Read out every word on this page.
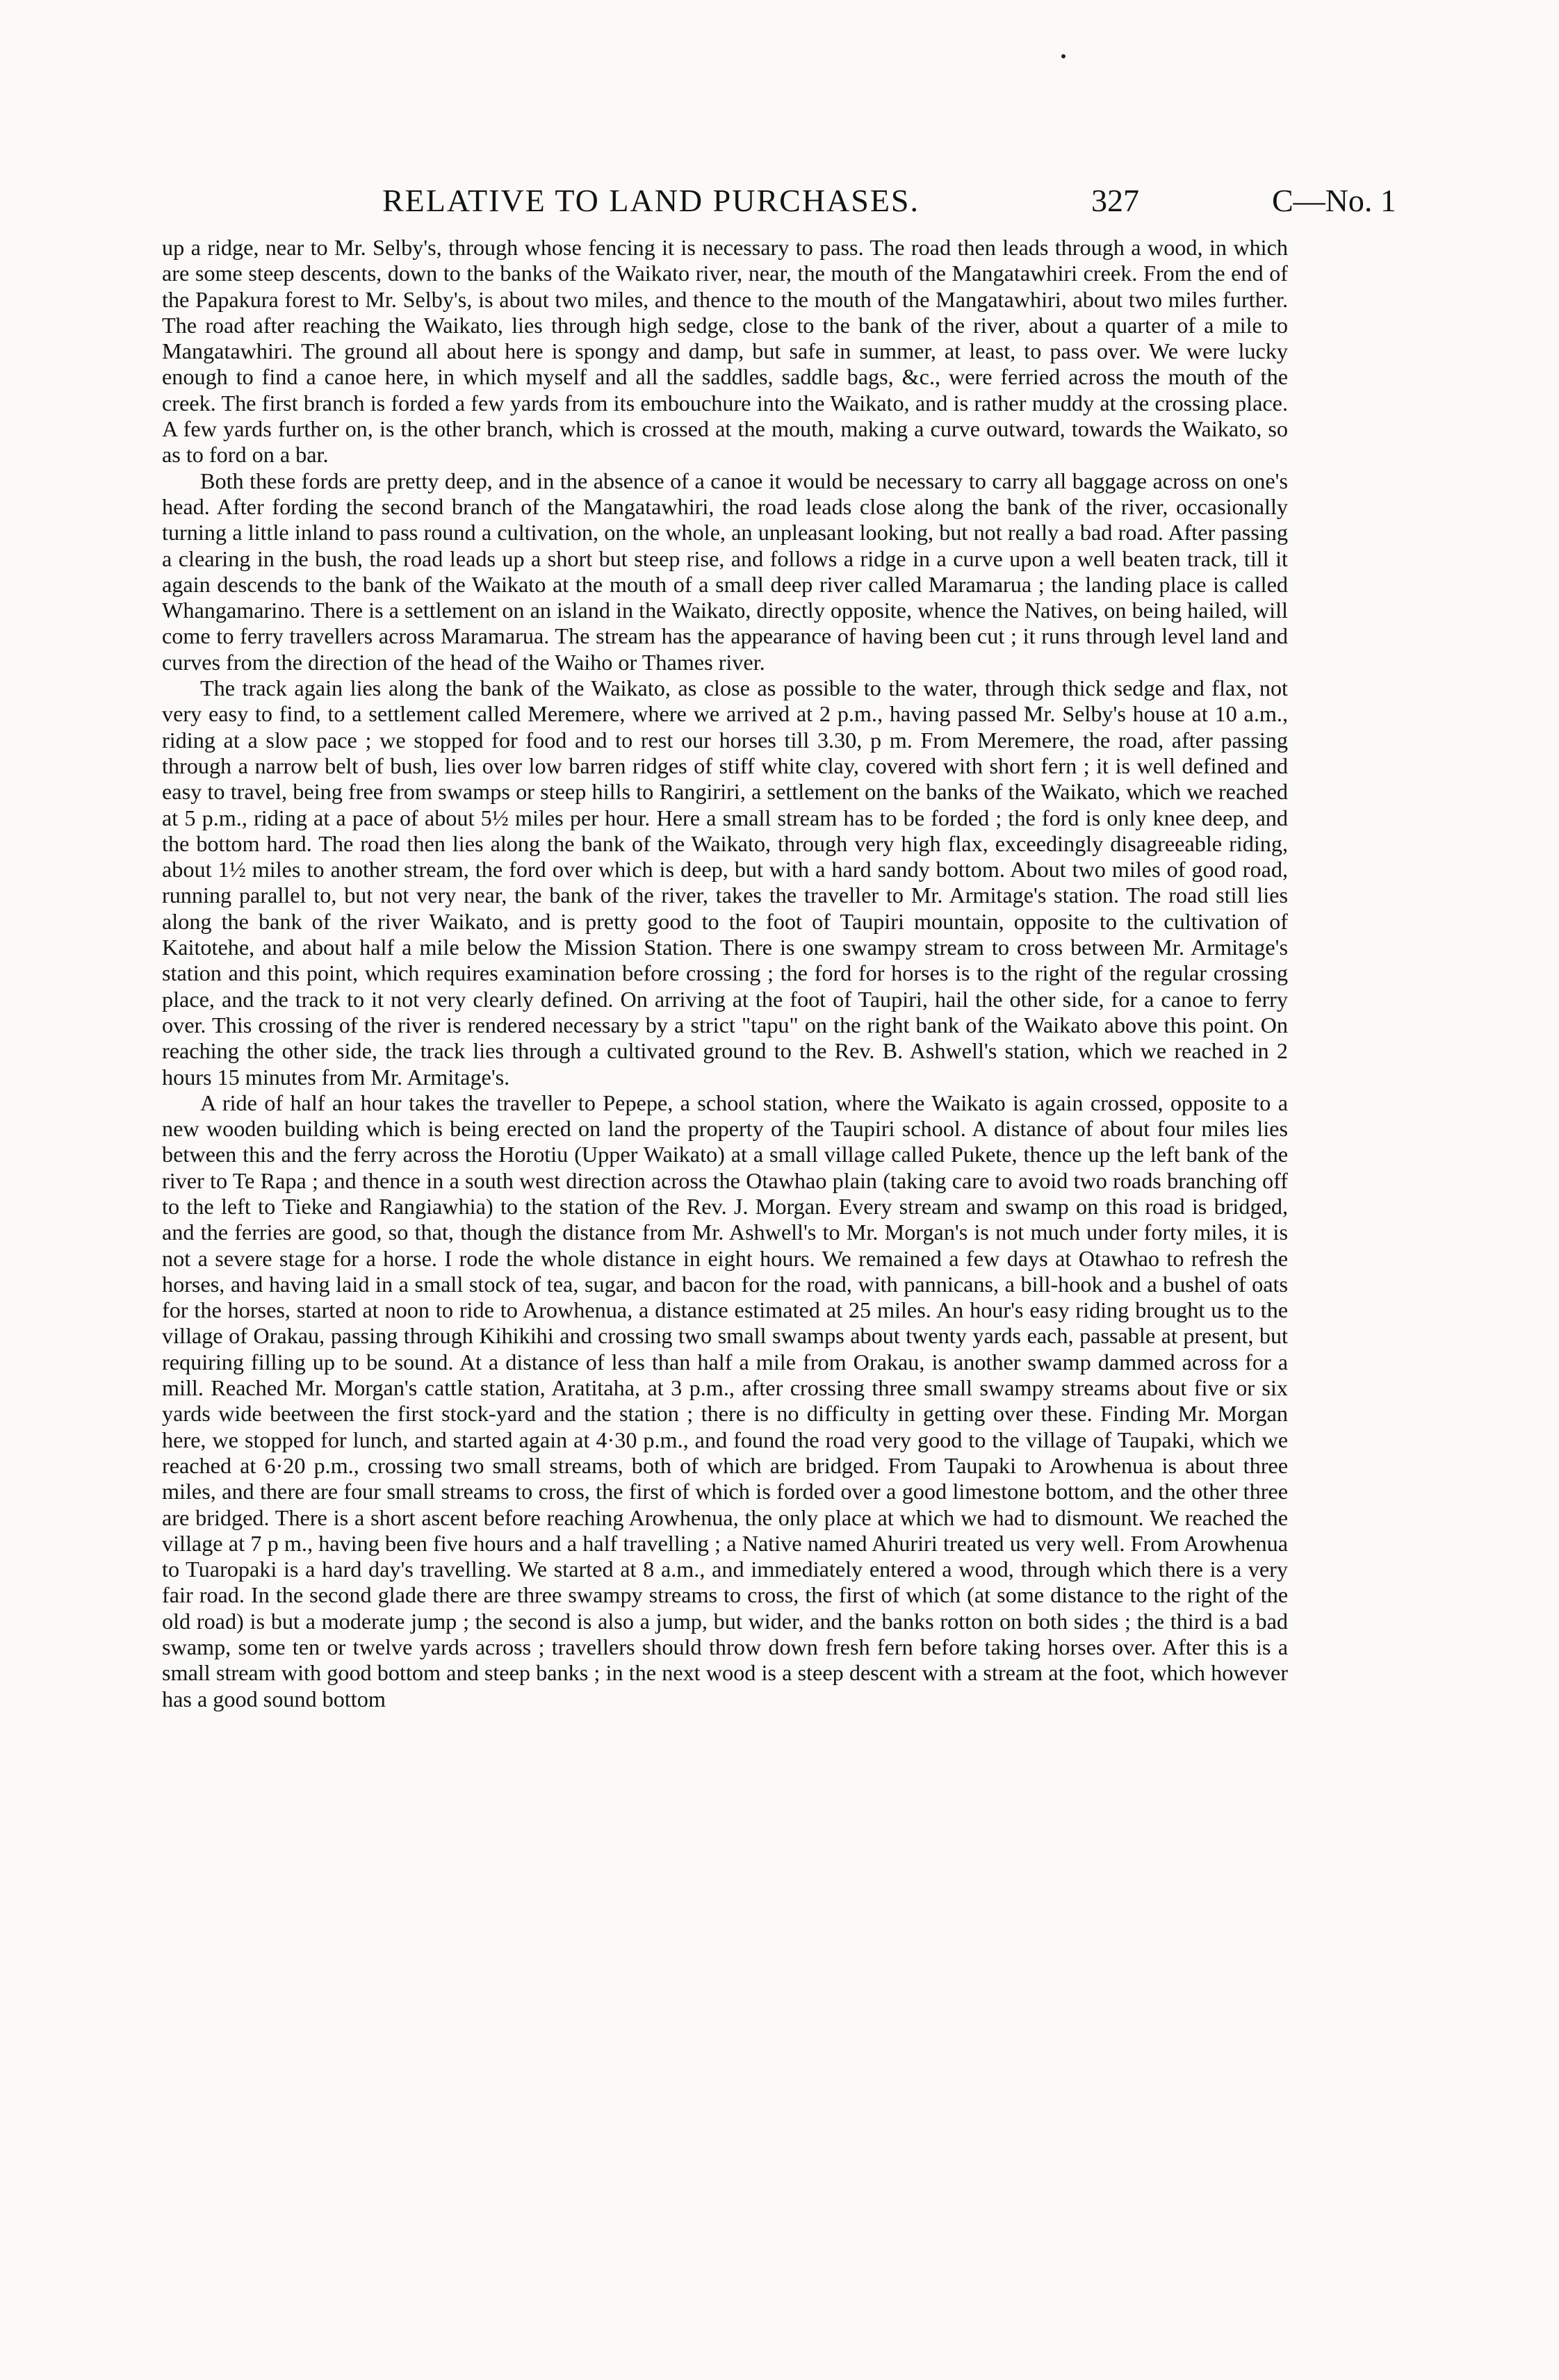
RELATIVE TO LAND PURCHASES.	327	C—No. 1

up a ridge, near to Mr. Selby's, through whose fencing it is necessary to pass. The road then leads through a wood, in which are some steep descents, down to the banks of the Waikato river, near, the mouth of the Mangatawhiri creek. From the end of the Papakura forest to Mr. Selby's, is about two miles, and thence to the mouth of the Mangatawhiri, about two miles further. The road after reaching the Waikato, lies through high sedge, close to the bank of the river, about a quarter of a mile to Mangatawhiri. The ground all about here is spongy and damp, but safe in summer, at least, to pass over. We were lucky enough to find a canoe here, in which myself and all the saddles, saddle bags, &c., were ferried across the mouth of the creek. The first branch is forded a few yards from its embouchure into the Waikato, and is rather muddy at the crossing place. A few yards further on, is the other branch, which is crossed at the mouth, making a curve outward, towards the Waikato, so as to ford on a bar.

Both these fords are pretty deep, and in the absence of a canoe it would be necessary to carry all baggage across on one's head. After fording the second branch of the Mangatawhiri, the road leads close along the bank of the river, occasionally turning a little inland to pass round a cultivation, on the whole, an unpleasant looking, but not really a bad road. After passing a clearing in the bush, the road leads up a short but steep rise, and follows a ridge in a curve upon a well beaten track, till it again descends to the bank of the Waikato at the mouth of a small deep river called Maramarua ; the landing place is called Whangamarino. There is a settlement on an island in the Waikato, directly opposite, whence the Natives, on being hailed, will come to ferry travellers across Maramarua. The stream has the appearance of having been cut ; it runs through level land and curves from the direction of the head of the Waiho or Thames river.

The track again lies along the bank of the Waikato, as close as possible to the water, through thick sedge and flax, not very easy to find, to a settlement called Meremere, where we arrived at 2 p.m., having passed Mr. Selby's house at 10 a.m., riding at a slow pace ; we stopped for food and to rest our horses till 3.30, p m. From Meremere, the road, after passing through a narrow belt of bush, lies over low barren ridges of stiff white clay, covered with short fern ; it is well defined and easy to travel, being free from swamps or steep hills to Rangiriri, a settlement on the banks of the Waikato, which we reached at 5 p.m., riding at a pace of about 5½ miles per hour. Here a small stream has to be forded ; the ford is only knee deep, and the bottom hard. The road then lies along the bank of the Waikato, through very high flax, exceedingly disagreeable riding, about 1½ miles to another stream, the ford over which is deep, but with a hard sandy bottom. About two miles of good road, running parallel to, but not very near, the bank of the river, takes the traveller to Mr. Armitage's station. The road still lies along the bank of the river Waikato, and is pretty good to the foot of Taupiri mountain, opposite to the cultivation of Kaitotehe, and about half a mile below the Mission Station. There is one swampy stream to cross between Mr. Armitage's station and this point, which requires examination before crossing ; the ford for horses is to the right of the regular crossing place, and the track to it not very clearly defined. On arriving at the foot of Taupiri, hail the other side, for a canoe to ferry over. This crossing of the river is rendered necessary by a strict "tapu" on the right bank of the Waikato above this point. On reaching the other side, the track lies through a cultivated ground to the Rev. B. Ashwell's station, which we reached in 2 hours 15 minutes from Mr. Armitage's.

A ride of half an hour takes the traveller to Pepepe, a school station, where the Waikato is again crossed, opposite to a new wooden building which is being erected on land the property of the Taupiri school. A distance of about four miles lies between this and the ferry across the Horotiu (Upper Waikato) at a small village called Pukete, thence up the left bank of the river to Te Rapa ; and thence in a south west direction across the Otawhao plain (taking care to avoid two roads branching off to the left to Tieke and Rangiawhia) to the station of the Rev. J. Morgan. Every stream and swamp on this road is bridged, and the ferries are good, so that, though the distance from Mr. Ashwell's to Mr. Morgan's is not much under forty miles, it is not a severe stage for a horse. I rode the whole distance in eight hours. We remained a few days at Otawhao to refresh the horses, and having laid in a small stock of tea, sugar, and bacon for the road, with pannicans, a bill-hook and a bushel of oats for the horses, started at noon to ride to Arowhenua, a distance estimated at 25 miles. An hour's easy riding brought us to the village of Orakau, passing through Kihikihi and crossing two small swamps about twenty yards each, passable at present, but requiring filling up to be sound. At a distance of less than half a mile from Orakau, is another swamp dammed across for a mill. Reached Mr. Morgan's cattle station, Aratitaha, at 3 p.m., after crossing three small swampy streams about five or six yards wide beetween the first stock-yard and the station ; there is no difficulty in getting over these. Finding Mr. Morgan here, we stopped for lunch, and started again at 4·30 p.m., and found the road very good to the village of Taupaki, which we reached at 6·20 p.m., crossing two small streams, both of which are bridged. From Taupaki to Arowhenua is about three miles, and there are four small streams to cross, the first of which is forded over a good limestone bottom, and the other three are bridged. There is a short ascent before reaching Arowhenua, the only place at which we had to dismount. We reached the village at 7 p m., having been five hours and a half travelling ; a Native named Ahuriri treated us very well. From Arowhenua to Tuaropaki is a hard day's travelling. We started at 8 a.m., and immediately entered a wood, through which there is a very fair road. In the second glade there are three swampy streams to cross, the first of which (at some distance to the right of the old road) is but a moderate jump ; the second is also a jump, but wider, and the banks rotton on both sides ; the third is a bad swamp, some ten or twelve yards across ; travellers should throw down fresh fern before taking horses over. After this is a small stream with good bottom and steep banks ; in the next wood is a steep descent with a stream at the foot, which however has a good sound bottom
